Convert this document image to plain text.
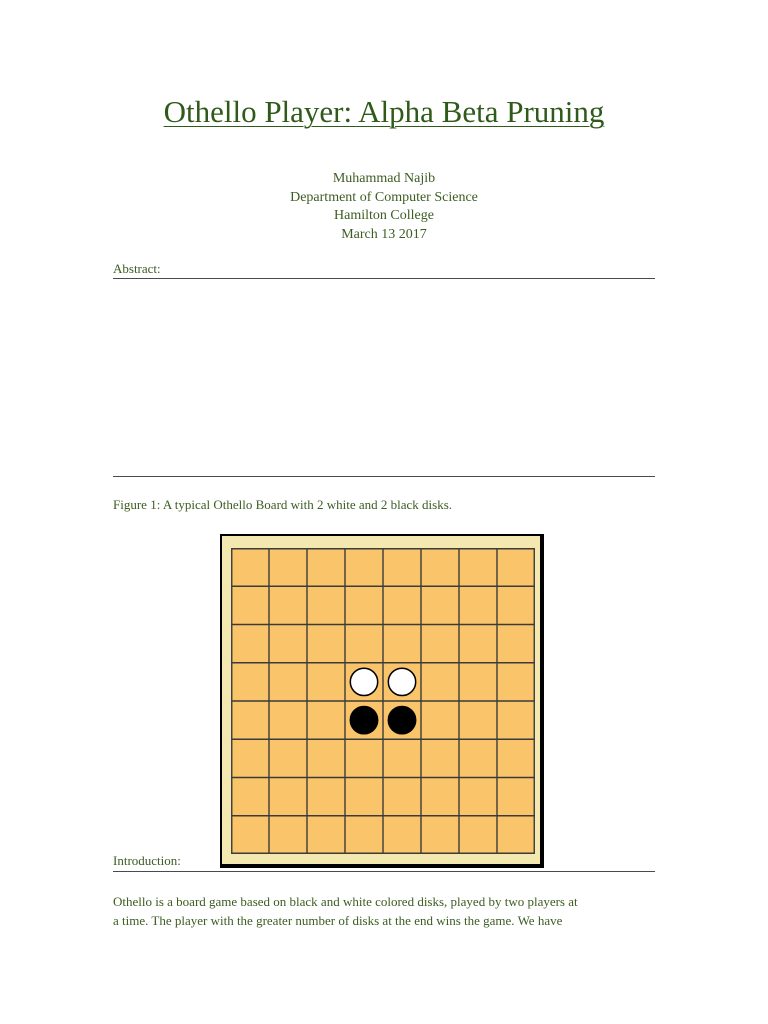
Othello Player: Alpha Beta Pruning
Muhammad Najib
Department of Computer Science
Hamilton College
March 13 2017
Abstract:
Figure 1: A typical Othello Board with 2 white and 2 black disks.
Introduction:
Othello is a board game based on black and white colored disks, played by two players at
a time. The player with the greater number of disks at the end wins the game. We have
